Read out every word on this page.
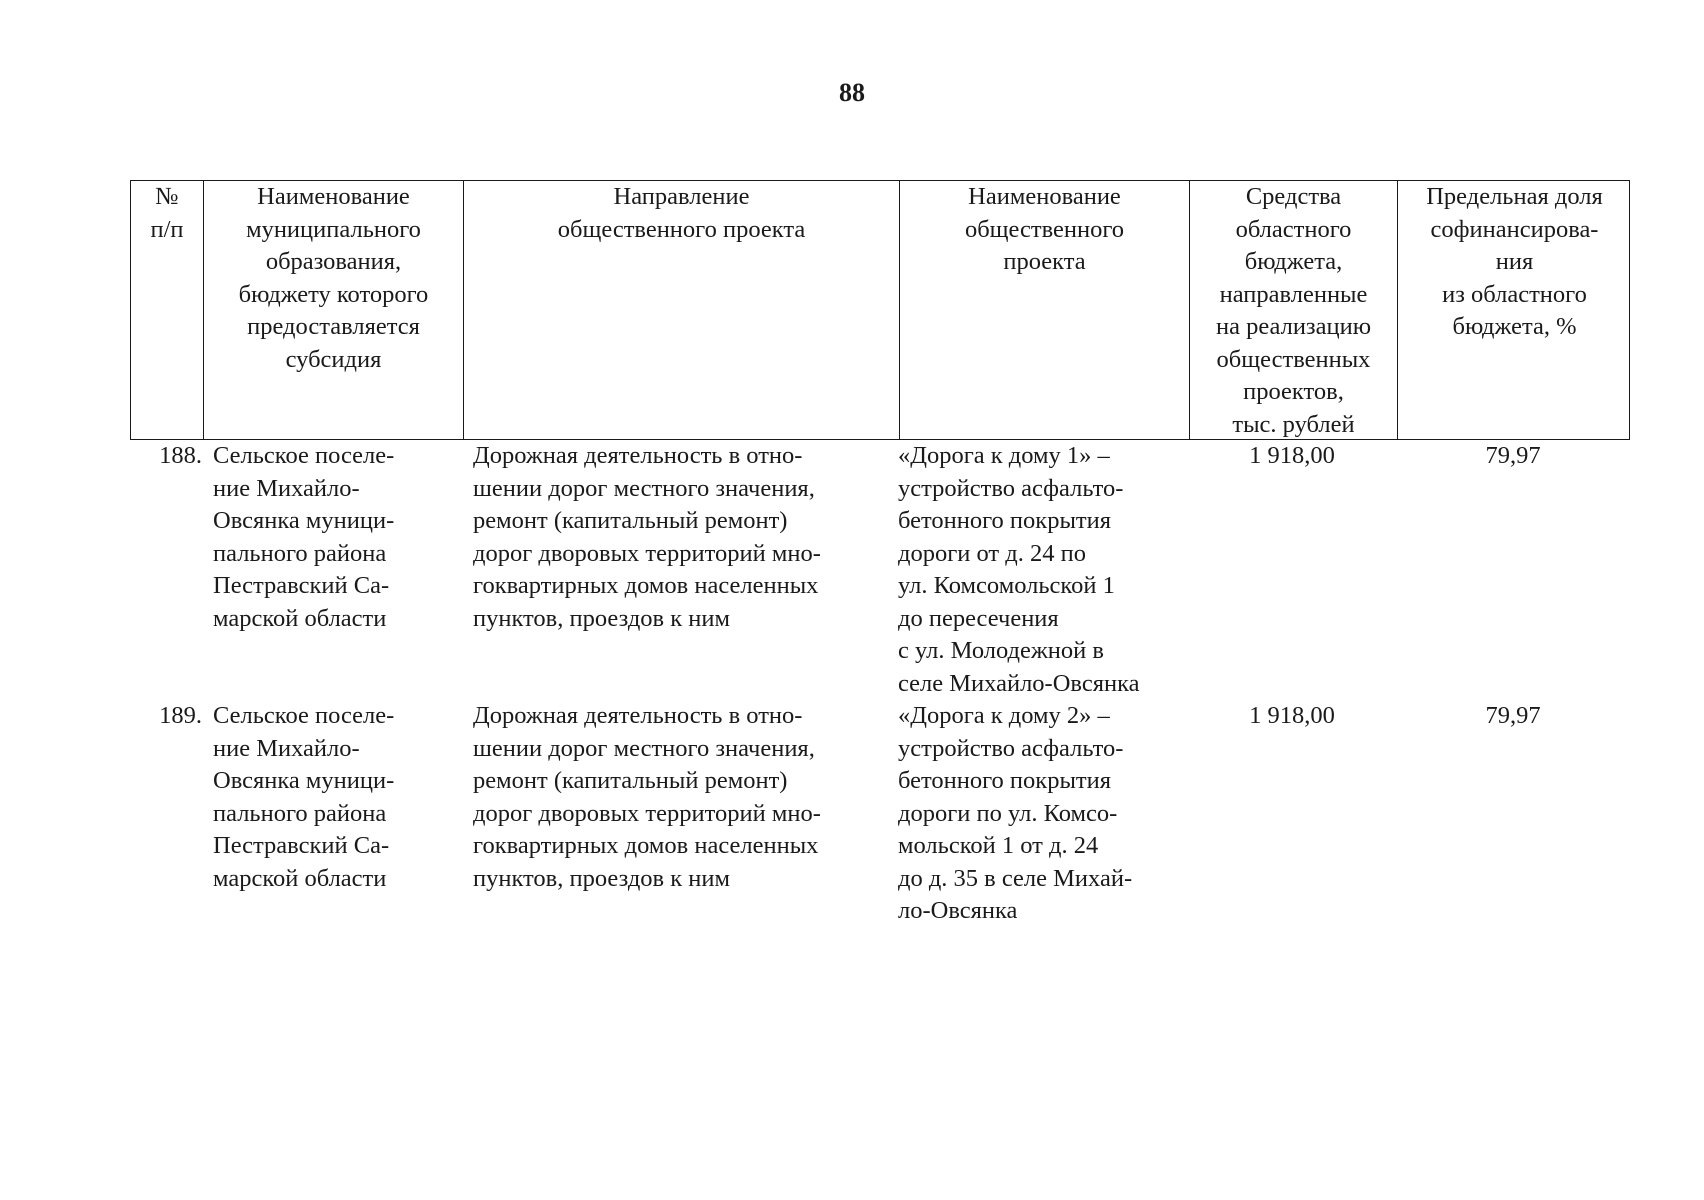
88
№
п/п
Наименование
муниципального
образования,
бюджету которого
предоставляется
субсидия
Направление
общественного проекта
Наименование
общественного
проекта
Средства
областного
бюджета,
направленные
на реализацию
общественных
проектов,
тыс. рублей
Предельная доля
софинансирова-
ния
из областного
бюджета, %
188. Сельское поселе-
ние Михайло-
Овсянка муници-
пального района
Пестравский Са-
марской области
Дорожная деятельность в отно-
шении дорог местного значения,
ремонт (капитальный ремонт)
дорог дворовых территорий мно-
гоквартирных домов населенных
пунктов, проездов к ним
«Дорога к дому 1» –
устройство асфальто-
бетонного покрытия
дороги от д. 24 по
ул. Комсомольской 1
до пересечения
с ул. Молодежной в
селе Михайло-Овсянка
1 918,00	79,97
189. Сельское поселе-
ние Михайло-
Овсянка муници-
пального района
Пестравский Са-
марской области
Дорожная деятельность в отно-
шении дорог местного значения,
ремонт (капитальный ремонт)
дорог дворовых территорий мно-
гоквартирных домов населенных
пунктов, проездов к ним
«Дорога к дому 2» –
устройство асфальто-
бетонного покрытия
дороги по ул. Комсо-
мольской 1 от д. 24
до д. 35 в селе Михай-
ло-Овсянка
1 918,00	79,97
